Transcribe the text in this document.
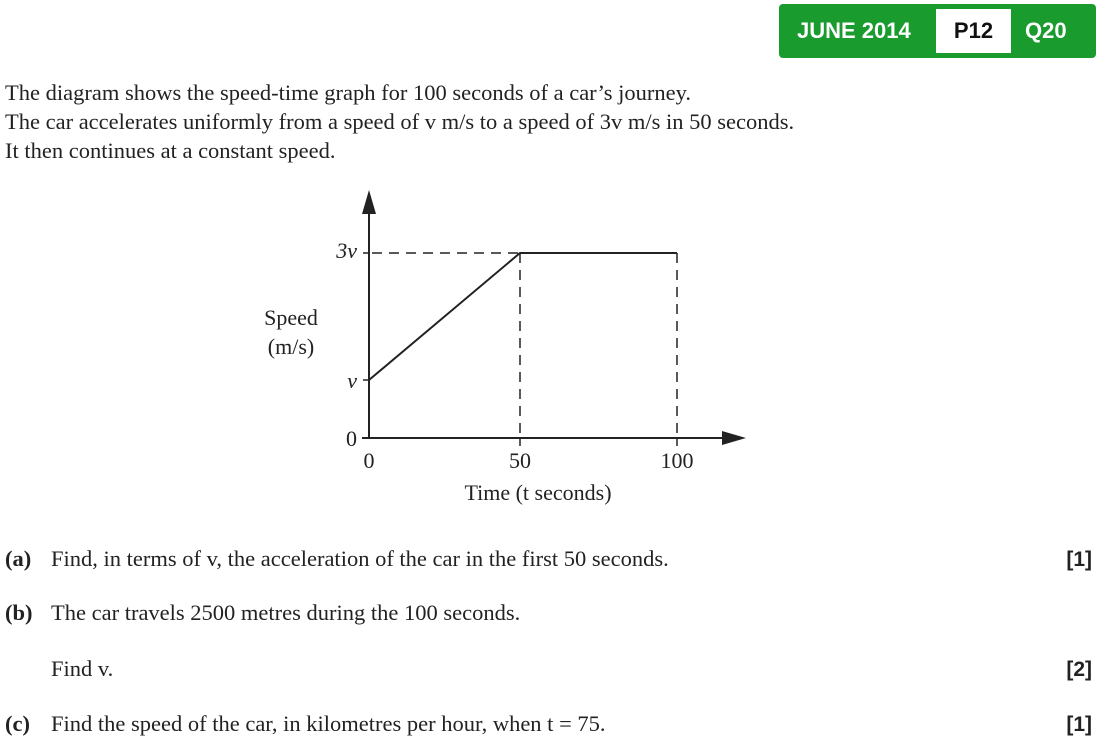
JUNE 2014	P12	Q20
The diagram shows the speed-time graph for 100 seconds of a car’s journey.
The car accelerates uniformly from a speed of v m/s to a speed of 3v m/s in 50 seconds.
It then continues at a constant speed.
Speed
(m/s)
3v
v
0
0	50	100
Time (t seconds)
(a) Find, in terms of v, the acceleration of the car in the first 50 seconds.	[1]
(b) The car travels 2500 metres during the 100 seconds.
Find v.	[2]
(c) Find the speed of the car, in kilometres per hour, when t = 75.	[1]
